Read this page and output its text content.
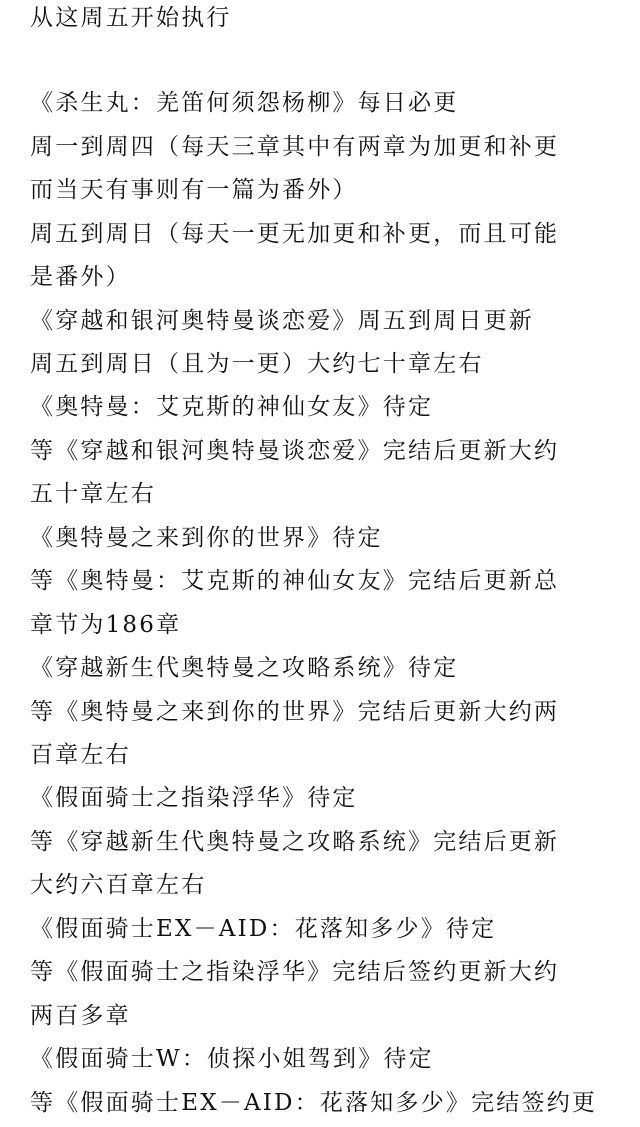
从这周五开始执行
《杀生丸：羌笛何须怨杨柳》每日必更
周一到周四（每天三章其中有两章为加更和补更
而当天有事则有一篇为番外）
周五到周日（每天一更无加更和补更，而且可能
是番外）
《穿越和银河奥特曼谈恋爱》周五到周日更新
周五到周日（且为一更）大约七十章左右
《奥特曼：艾克斯的神仙女友》待定
等《穿越和银河奥特曼谈恋爱》完结后更新大约
五十章左右
《奥特曼之来到你的世界》待定
等《奥特曼：艾克斯的神仙女友》完结后更新总
章节为186章
《穿越新生代奥特曼之攻略系统》待定
等《奥特曼之来到你的世界》完结后更新大约两
百章左右
《假面骑士之指染浮华》待定
等《穿越新生代奥特曼之攻略系统》完结后更新
大约六百章左右
《假面骑士EX－AID：花落知多少》待定
等《假面骑士之指染浮华》完结后签约更新大约
两百多章
《假面骑士W：侦探小姐驾到》待定
等《假面骑士EX－AID：花落知多少》完结签约更
